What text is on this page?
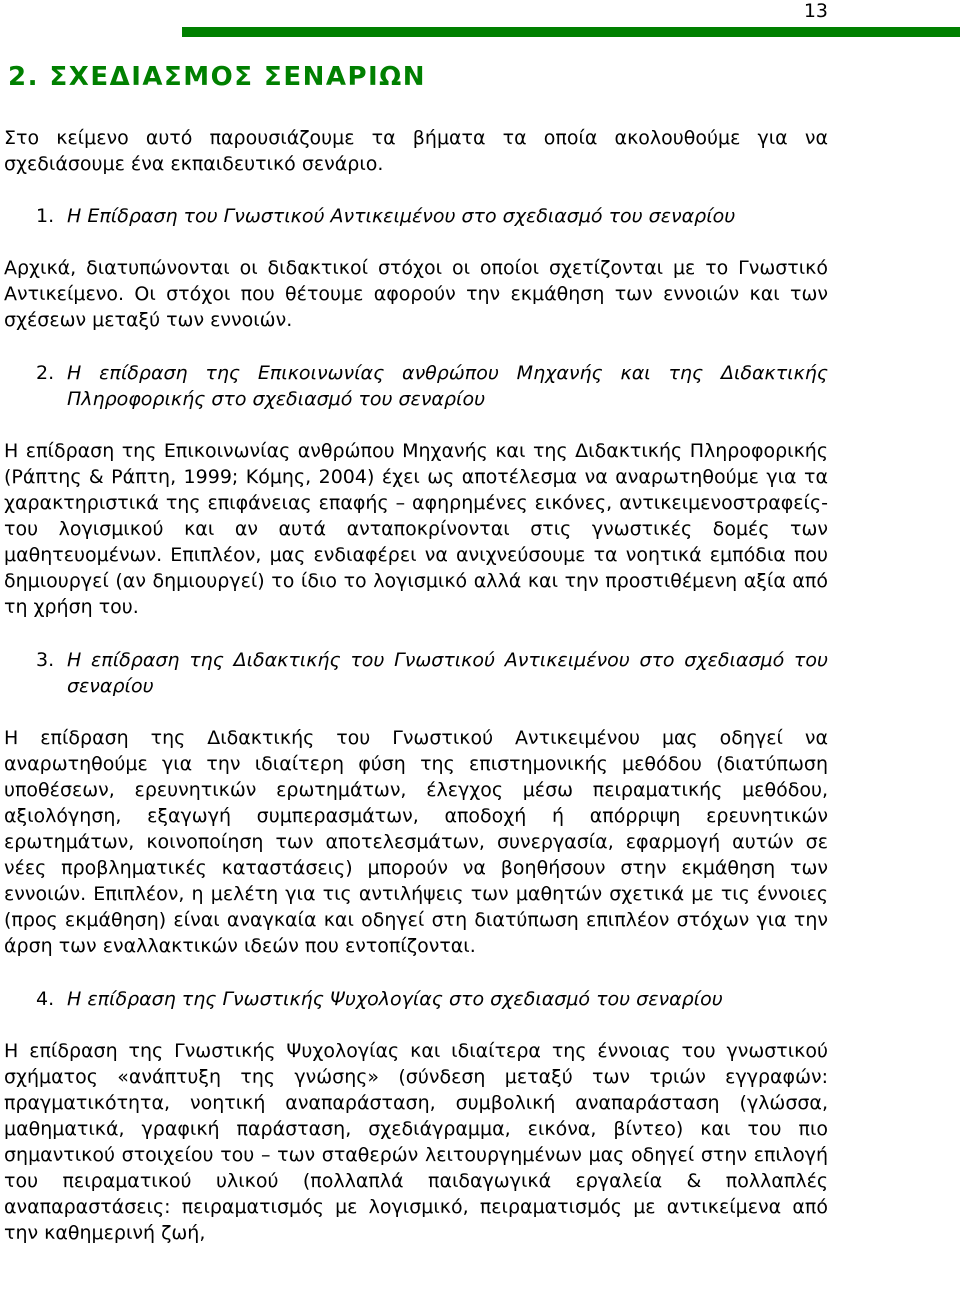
13
2. ΣΧΕΔΙΑΣΜΟΣ ΣΕΝΑΡΙΩΝ

Στο κείμενο αυτό παρουσιάζουμε τα βήματα τα οποία ακολουθούμε για να σχεδιάσουμε ένα εκπαιδευτικό σενάριο.

1. Η Επίδραση του Γνωστικού Αντικειμένου στο σχεδιασμό του σεναρίου

Αρχικά, διατυπώνονται οι διδακτικοί στόχοι οι οποίοι σχετίζονται με το Γνωστικό Αντικείμενο. Οι στόχοι που θέτουμε αφορούν την εκμάθηση των εννοιών και των σχέσεων μεταξύ των εννοιών.

2. Η επίδραση της Επικοινωνίας ανθρώπου Μηχανής και της Διδακτικής Πληροφορικής στο σχεδιασμό του σεναρίου

Η επίδραση της Επικοινωνίας ανθρώπου Μηχανής και της Διδακτικής Πληροφορικής (Ράπτης & Ράπτη, 1999; Κόμης, 2004) έχει ως αποτέλεσμα να αναρωτηθούμε για τα χαρακτηριστικά της επιφάνειας επαφής – αφηρημένες εικόνες, αντικειμενοστραφείς- του λογισμικού και αν αυτά ανταποκρίνονται στις γνωστικές δομές των μαθητευομένων. Επιπλέον, μας ενδιαφέρει να ανιχνεύσουμε τα νοητικά εμπόδια που δημιουργεί (αν δημιουργεί) το ίδιο το λογισμικό αλλά και την προστιθέμενη αξία από τη χρήση του.

3. Η επίδραση της Διδακτικής του Γνωστικού Αντικειμένου στο σχεδιασμό του σεναρίου

Η επίδραση της Διδακτικής του Γνωστικού Αντικειμένου μας οδηγεί να αναρωτηθούμε για την ιδιαίτερη φύση της επιστημονικής μεθόδου (διατύπωση υποθέσεων, ερευνητικών ερωτημάτων, έλεγχος μέσω πειραματικής μεθόδου, αξιολόγηση, εξαγωγή συμπερασμάτων, αποδοχή ή απόρριψη ερευνητικών ερωτημάτων, κοινοποίηση των αποτελεσμάτων, συνεργασία, εφαρμογή αυτών σε νέες προβληματικές καταστάσεις) μπορούν να βοηθήσουν στην εκμάθηση των εννοιών. Επιπλέον, η μελέτη για τις αντιλήψεις των μαθητών σχετικά με τις έννοιες (προς εκμάθηση) είναι αναγκαία και οδηγεί στη διατύπωση επιπλέον στόχων για την άρση των εναλλακτικών ιδεών που εντοπίζονται.

4. Η επίδραση της Γνωστικής Ψυχολογίας στο σχεδιασμό του σεναρίου

Η επίδραση της Γνωστικής Ψυχολογίας και ιδιαίτερα της έννοιας του γνωστικού σχήματος «ανάπτυξη της γνώσης» (σύνδεση μεταξύ των τριών εγγραφών: πραγματικότητα, νοητική αναπαράσταση, συμβολική αναπαράσταση (γλώσσα, μαθηματικά, γραφική παράσταση, σχεδιάγραμμα, εικόνα, βίντεο) και του πιο σημαντικού στοιχείου του – των σταθερών λειτουργημένων μας οδηγεί στην επιλογή του πειραματικού υλικού (πολλαπλά παιδαγωγικά εργαλεία & πολλαπλές αναπαραστάσεις: πειραματισμός με λογισμικό, πειραματισμός με αντικείμενα από την καθημερινή ζωή,
